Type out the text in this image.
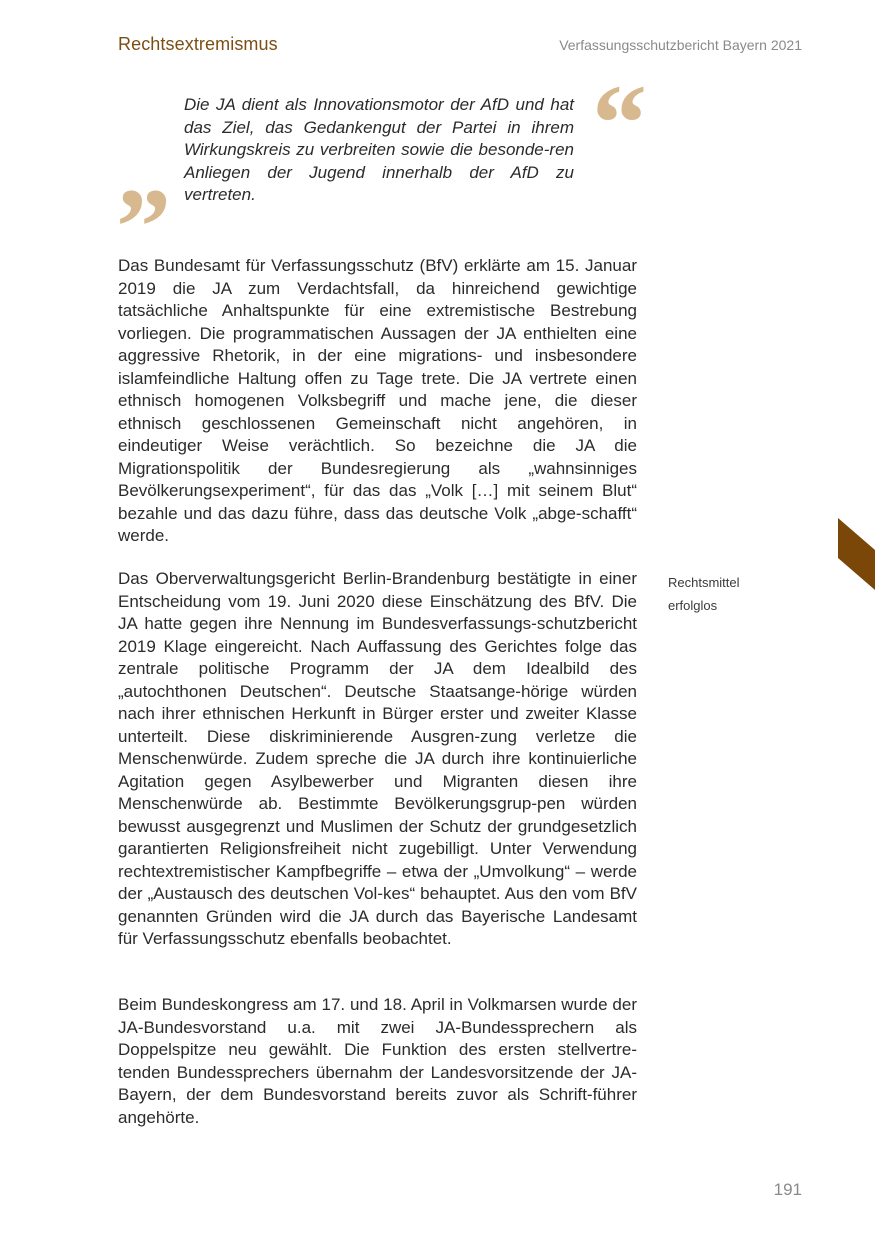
Rechtsextremismus	Verfassungsschutzbericht Bayern 2021
“
Die JA dient als Innovationsmotor der AfD und hat das Ziel, das Gedankengut der Partei in ihrem Wirkungskreis zu verbreiten sowie die besonde-ren Anliegen der Jugend innerhalb der AfD zu vertreten.
”
Das Bundesamt für Verfassungsschutz (BfV) erklärte am 15. Januar 2019 die JA zum Verdachtsfall, da hinreichend gewichtige tatsächliche Anhaltspunkte für eine extremistische Bestrebung vorliegen. Die programmatischen Aussagen der JA enthielten eine aggressive Rhetorik, in der eine migrations- und insbesondere islamfeindliche Haltung offen zu Tage trete. Die JA vertrete einen ethnisch homogenen Volksbegriff und mache jene, die dieser ethnisch geschlossenen Gemeinschaft nicht angehören, in eindeutiger Weise verächtlich. So bezeichne die JA die Migrationspolitik der Bundesregierung als „wahnsinniges Bevölkerungsexperiment“, für das das „Volk […] mit seinem Blut“ bezahle und das dazu führe, dass das deutsche Volk „abge-schafft“ werde.
Das Oberverwaltungsgericht Berlin-Brandenburg bestätigte in einer Entscheidung vom 19. Juni 2020 diese Einschätzung des BfV. Die JA hatte gegen ihre Nennung im Bundesverfassungs-schutzbericht 2019 Klage eingereicht. Nach Auffassung des Gerichtes folge das zentrale politische Programm der JA dem Idealbild des „autochthonen Deutschen“. Deutsche Staatsange-hörige würden nach ihrer ethnischen Herkunft in Bürger erster und zweiter Klasse unterteilt. Diese diskriminierende Ausgren-zung verletze die Menschenwürde. Zudem spreche die JA durch ihre kontinuierliche Agitation gegen Asylbewerber und Migranten diesen ihre Menschenwürde ab. Bestimmte Bevölkerungsgrup-pen würden bewusst ausgegrenzt und Muslimen der Schutz der grundgesetzlich garantierten Religionsfreiheit nicht zugebilligt. Unter Verwendung rechtextremistischer Kampfbegriffe – etwa der „Umvolkung“ – werde der „Austausch des deutschen Vol-kes“ behauptet. Aus den vom BfV genannten Gründen wird die JA durch das Bayerische Landesamt für Verfassungsschutz ebenfalls beobachtet.
Beim Bundeskongress am 17. und 18. April in Volkmarsen wurde der JA-Bundesvorstand u.a. mit zwei JA-Bundessprechern als Doppelspitze neu gewählt. Die Funktion des ersten stellvertre-tenden Bundessprechers übernahm der Landesvorsitzende der JA-Bayern, der dem Bundesvorstand bereits zuvor als Schrift-führer angehörte.
Rechtsmittel
erfolglos
191
